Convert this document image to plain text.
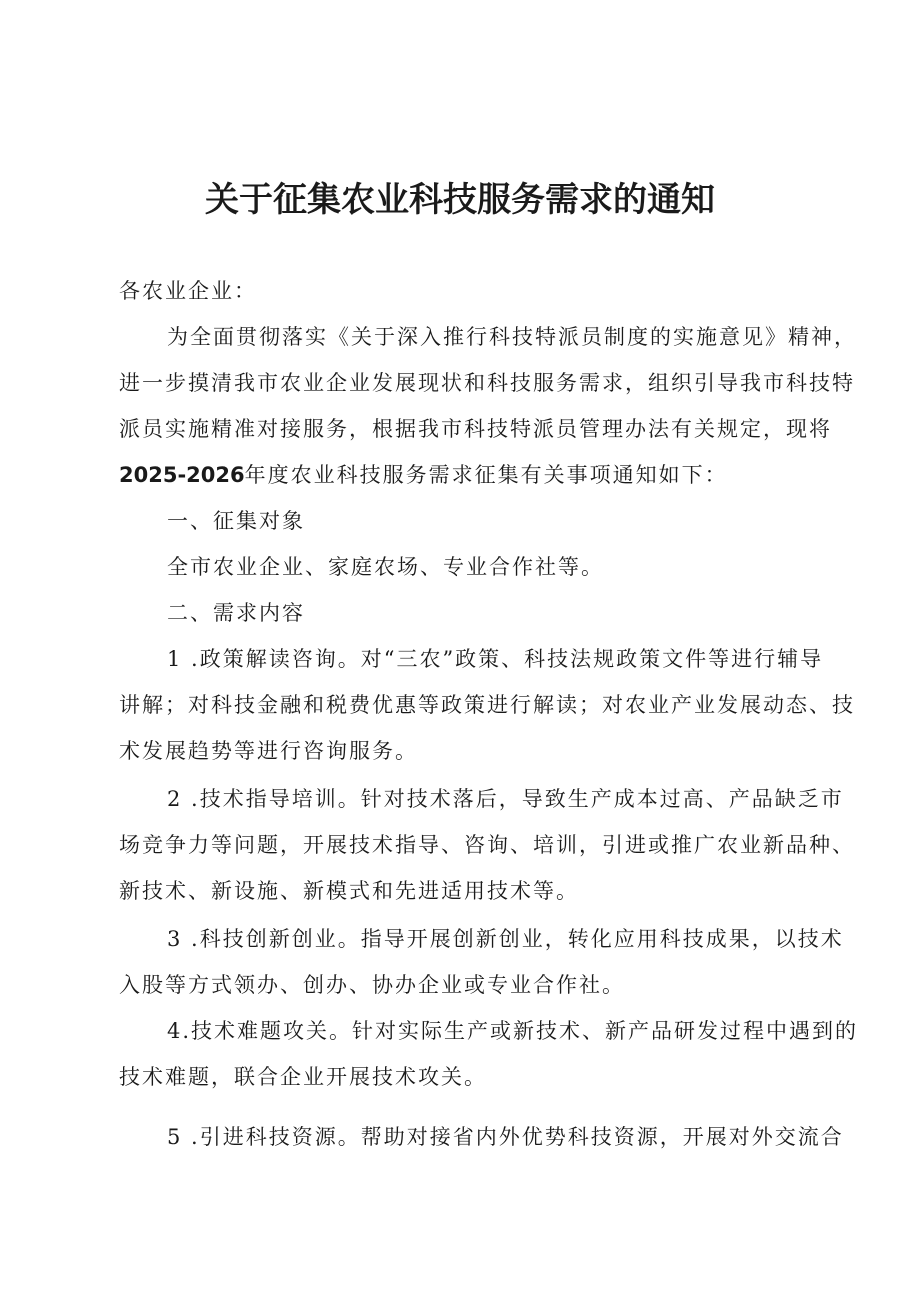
关于征集农业科技服务需求的通知
各农业企业：
为全面贯彻落实《关于深入推行科技特派员制度的实施意见》精神，
进一步摸清我市农业企业发展现状和科技服务需求，组织引导我市科技特
派员实施精准对接服务，根据我市科技特派员管理办法有关规定，现将
2025-2026年度农业科技服务需求征集有关事项通知如下：
一、征集对象
全市农业企业、家庭农场、专业合作社等。
二、需求内容
1 .政策解读咨询。对“三农”政策、科技法规政策文件等进行辅导
讲解；对科技金融和税费优惠等政策进行解读；对农业产业发展动态、技
术发展趋势等进行咨询服务。
2 .技术指导培训。针对技术落后，导致生产成本过高、产品缺乏市
场竞争力等问题，开展技术指导、咨询、培训，引进或推广农业新品种、
新技术、新设施、新模式和先进适用技术等。
3 .科技创新创业。指导开展创新创业，转化应用科技成果，以技术
入股等方式领办、创办、协办企业或专业合作社。
4.技术难题攻关。针对实际生产或新技术、新产品研发过程中遇到的
技术难题，联合企业开展技术攻关。
5 .引进科技资源。帮助对接省内外优势科技资源，开展对外交流合
